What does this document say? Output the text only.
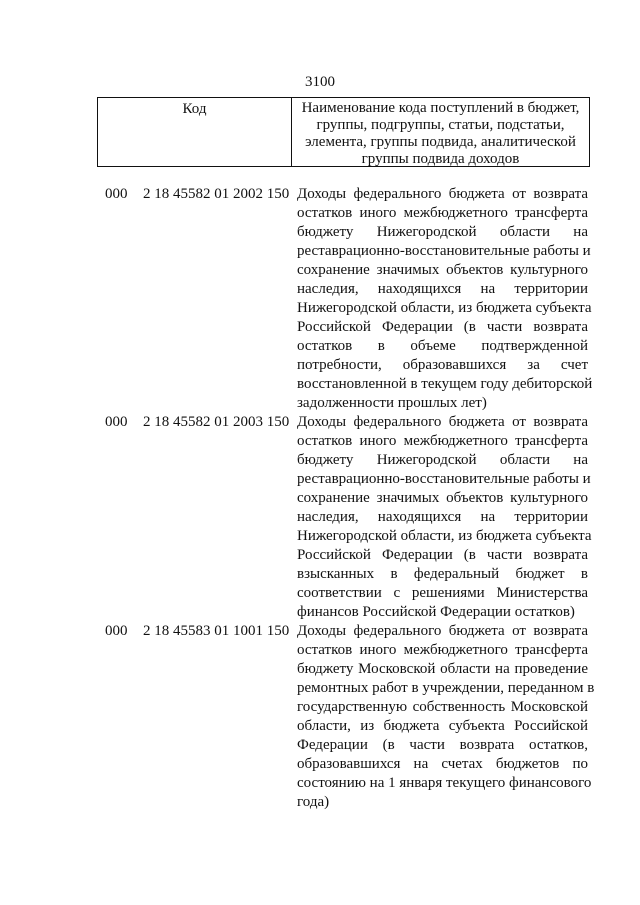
3100
Код	Наименование кода поступлений в бюджет,
группы, подгруппы, статьи, подстатьи,
элемента, группы подвида, аналитической
группы подвида доходов
000 2 18 45582 01 2002 150 Доходы федерального бюджета от возврата
остатков иного межбюджетного трансферта
бюджету Нижегородской области на
реставрационно-восстановительные работы и
сохранение значимых объектов культурного
наследия, находящихся на территории
Нижегородской области, из бюджета субъекта
Российской Федерации (в части возврата
остатков в объеме подтвержденной
потребности, образовавшихся за счет
восстановленной в текущем году дебиторской
задолженности прошлых лет)
000 2 18 45582 01 2003 150 Доходы федерального бюджета от возврата
остатков иного межбюджетного трансферта
бюджету Нижегородской области на
реставрационно-восстановительные работы и
сохранение значимых объектов культурного
наследия, находящихся на территории
Нижегородской области, из бюджета субъекта
Российской Федерации (в части возврата
взысканных в федеральный бюджет в
соответствии с решениями Министерства
финансов Российской Федерации остатков)
000 2 18 45583 01 1001 150 Доходы федерального бюджета от возврата
остатков иного межбюджетного трансферта
бюджету Московской области на проведение
ремонтных работ в учреждении, переданном в
государственную собственность Московской
области, из бюджета субъекта Российской
Федерации (в части возврата остатков,
образовавшихся на счетах бюджетов по
состоянию на 1 января текущего финансового
года)
